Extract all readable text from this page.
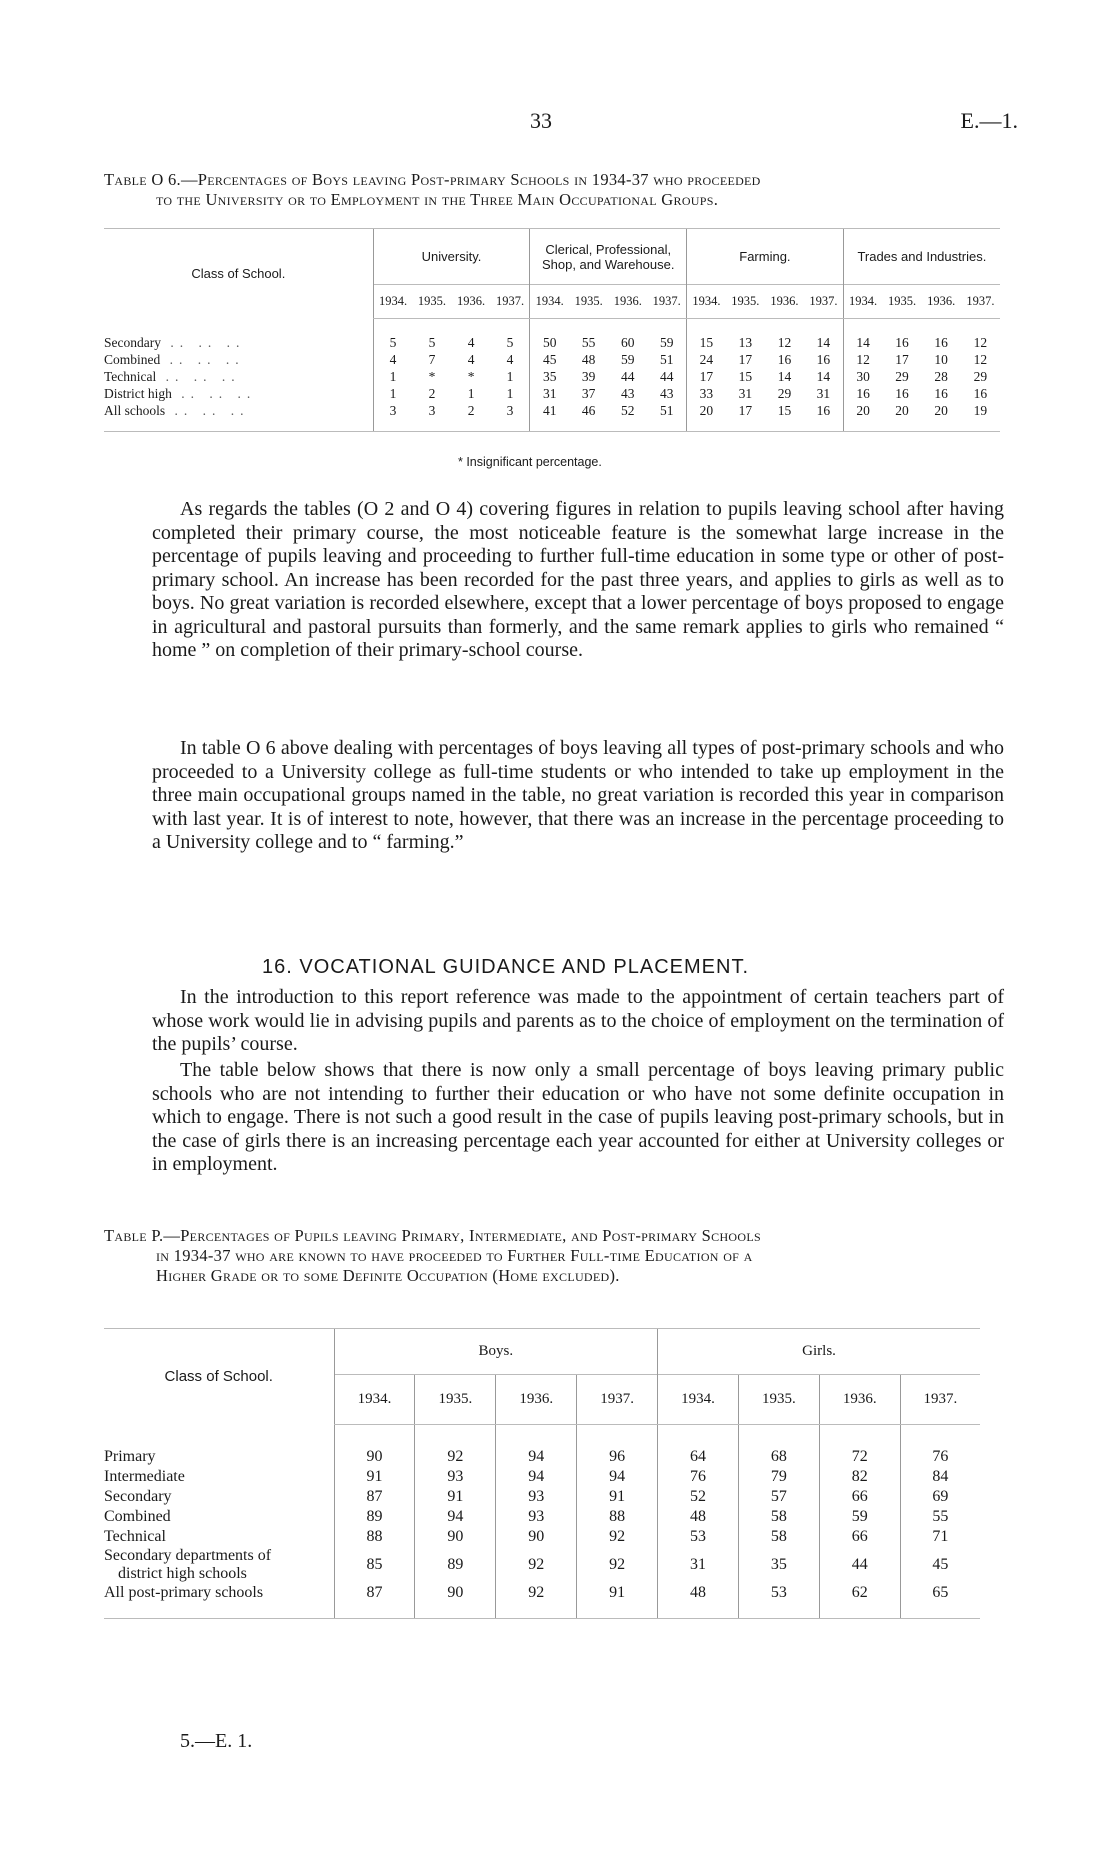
33	E.—1.
Table O 6.—Percentages of Boys leaving Post-primary Schools in 1934-37 who proceeded
to the University or to Employment in the Three Main Occupational Groups.
Class of School.	University.				Clerical, Professional, Shop, and Warehouse.				Farming.				Trades and Industries.			
	1934.	1935.	1936.	1937.	1934.	1935.	1936.	1937.	1934.	1935.	1936.	1937.	1934.	1935.	1936.	1937.
Secondary .. .. ..	5	5	4	5	50	55	60	59	15	13	12	14	14	16	16	12
Combined .. .. ..	4	7	4	4	45	48	59	51	24	17	16	16	12	17	10	12
Technical .. .. ..	1	*	*	1	35	39	44	44	17	15	14	14	30	29	28	29
District high .. .. ..	1	2	1	1	31	37	43	43	33	31	29	31	16	16	16	16
All schools .. .. ..	3	3	2	3	41	46	52	51	20	17	15	16	20	20	20	19
* Insignificant percentage.

As regards the tables (O 2 and O 4) covering figures in relation to pupils leaving school after having completed their primary course, the most noticeable feature is the somewhat large increase in the percentage of pupils leaving and proceeding to further full-time education in some type or other of post-primary school. An increase has been recorded for the past three years, and applies to girls as well as to boys. No great variation is recorded elsewhere, except that a lower percentage of boys proposed to engage in agricultural and pastoral pursuits than formerly, and the same remark applies to girls who remained “ home ” on completion of their primary-school course.

In table O 6 above dealing with percentages of boys leaving all types of post-primary schools and who proceeded to a University college as full-time students or who intended to take up employment in the three main occupational groups named in the table, no great variation is recorded this year in comparison with last year. It is of interest to note, however, that there was an increase in the percentage proceeding to a University college and to “ farming.”

16. VOCATIONAL GUIDANCE AND PLACEMENT.

In the introduction to this report reference was made to the appointment of certain teachers part of whose work would lie in advising pupils and parents as to the choice of employment on the termination of the pupils’ course.

The table below shows that there is now only a small percentage of boys leaving primary public schools who are not intending to further their education or who have not some definite occupation in which to engage. There is not such a good result in the case of pupils leaving post-primary schools, but in the case of girls there is an increasing percentage each year accounted for either at University colleges or in employment.

Table P.—Percentages of Pupils leaving Primary, Intermediate, and Post-primary Schools
in 1934-37 who are known to have proceeded to Further Full-time Education of a
Higher Grade or to some Definite Occupation (Home excluded).
Class of School.	Boys.				Girls.			
	1934.	1935.	1936.	1937.	1934.	1935.	1936.	1937.

Primary	90	92	94	96	64	68	72	76

Intermediate	91	93	94	94	76	79	82	84

Secondary	87	91	93	91	52	57	66	69

Combined	89	94	93	88	48	58	59	55

Technical	88	90	90	92	53	58	66	71

Secondary departments of
district high schools	85	89	92	92	31	35	44	45

All post-primary schools	87	90	92	91	48	53	62	65
5.—E. 1.
